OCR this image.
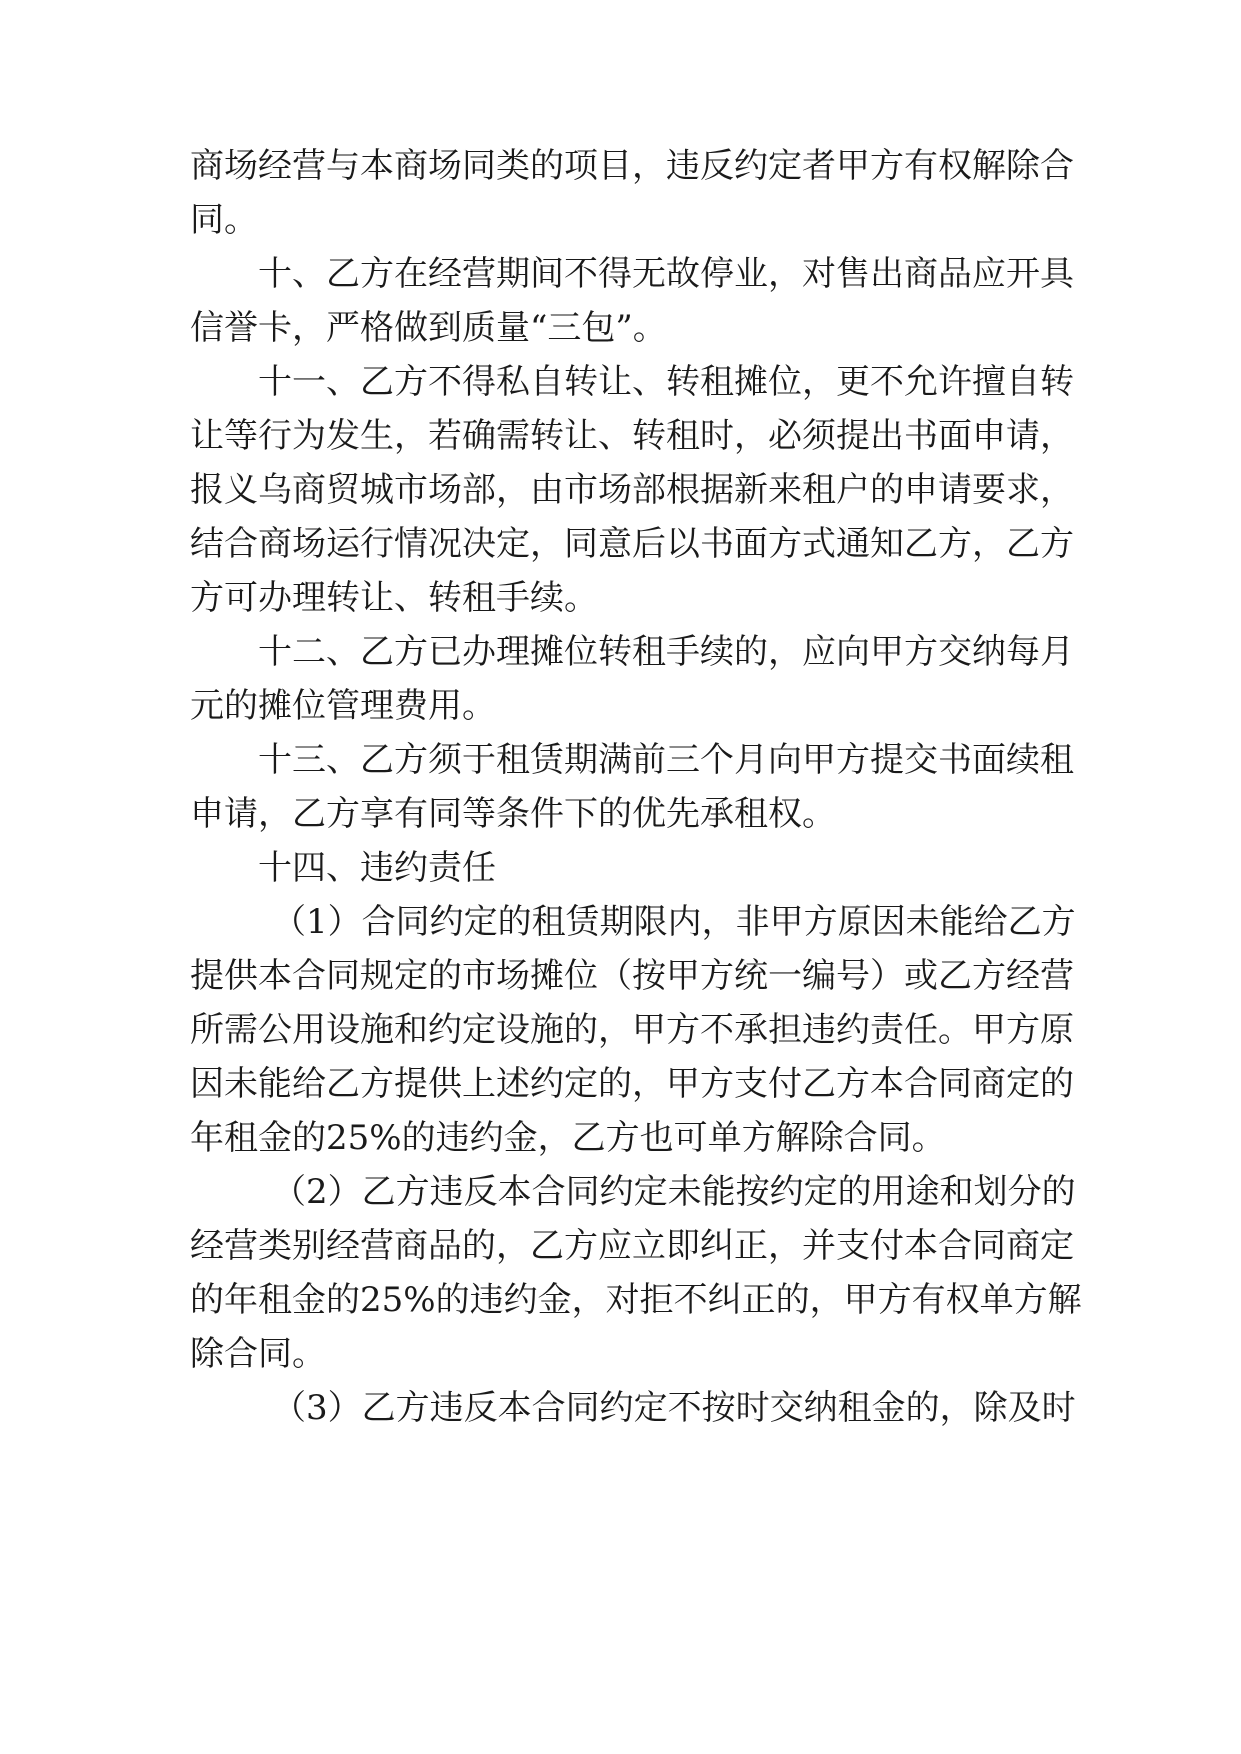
商场经营与本商场同类的项目，违反约定者甲方有权解除合
同。
十、乙方在经营期间不得无故停业，对售出商品应开具
信誉卡，严格做到质量“三包”。
十一、乙方不得私自转让、转租摊位，更不允许擅自转
让等行为发生，若确需转让、转租时，必须提出书面申请，
报义乌商贸城市场部，由市场部根据新来租户的申请要求，
结合商场运行情况决定，同意后以书面方式通知乙方，乙方
方可办理转让、转租手续。
十二、乙方已办理摊位转租手续的，应向甲方交纳每月
元的摊位管理费用。
十三、乙方须于租赁期满前三个月向甲方提交书面续租
申请，乙方享有同等条件下的优先承租权。
十四、违约责任
（1）合同约定的租赁期限内，非甲方原因未能给乙方
提供本合同规定的市场摊位（按甲方统一编号）或乙方经营
所需公用设施和约定设施的，甲方不承担违约责任。甲方原
因未能给乙方提供上述约定的，甲方支付乙方本合同商定的
年租金的25%的违约金，乙方也可单方解除合同。
（2）乙方违反本合同约定未能按约定的用途和划分的
经营类别经营商品的，乙方应立即纠正，并支付本合同商定
的年租金的25%的违约金，对拒不纠正的，甲方有权单方解
除合同。
（3）乙方违反本合同约定不按时交纳租金的，除及时
